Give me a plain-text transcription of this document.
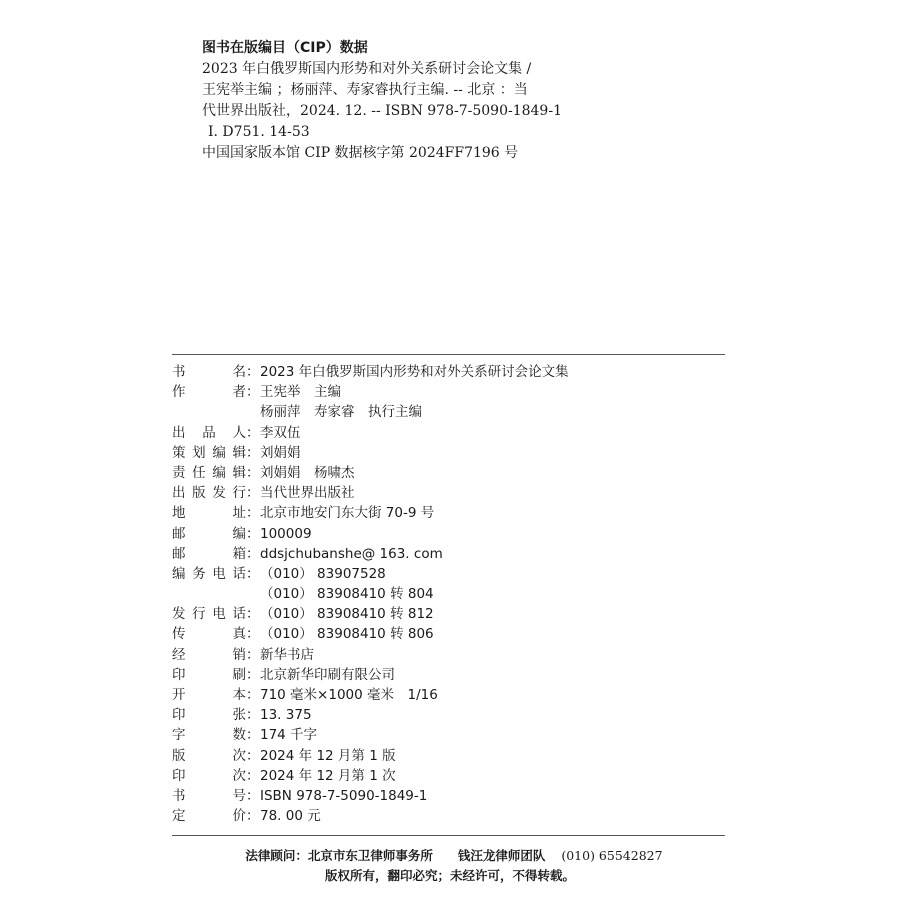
图书在版编目（CIP）数据
2023 年白俄罗斯国内形势和对外关系研讨会论文集 /
王宪举主编 ；杨丽萍、寿家睿执行主编. -- 北京 ：当
代世界出版社，2024. 12. -- ISBN 978-7-5090-1849-1
Ⅰ. D751. 14-53
中国国家版本馆 CIP 数据核字第 2024FF7196 号
书	名 ： 2023 年白俄罗斯国内形势和对外关系研讨会论文集
作	者 ： 王宪举　主编
杨丽萍　寿家睿　执行主编
出 品 人 ： 李双伍
策 划 编 辑 ： 刘娟娟
责 任 编 辑 ： 刘娟娟　杨啸杰
出 版 发 行 ： 当代世界出版社
地	址 ： 北京市地安门东大街 70-9 号
邮	编 ： 100009
邮	箱 ： ddsjchubanshe@ 163. com
编 务 电 话 ： （010） 83907528
（010） 83908410 转 804
发 行 电 话 ： （010） 83908410 转 812
传	真 ： （010） 83908410 转 806
经	销 ： 新华书店
印	刷 ： 北京新华印刷有限公司
开	本 ： 710 毫米×1000 毫米　1/16
印	张 ： 13. 375
字	数 ： 174 千字
版	次 ： 2024 年 12 月第 1 版
印	次 ： 2024 年 12 月第 1 次
书	号 ： ISBN 978-7-5090-1849-1
定	价 ： 78. 00 元
法律顾问：北京市东卫律师事务所　　钱汪龙律师团队 (010) 65542827
版权所有，翻印必究；未经许可，不得转载。
